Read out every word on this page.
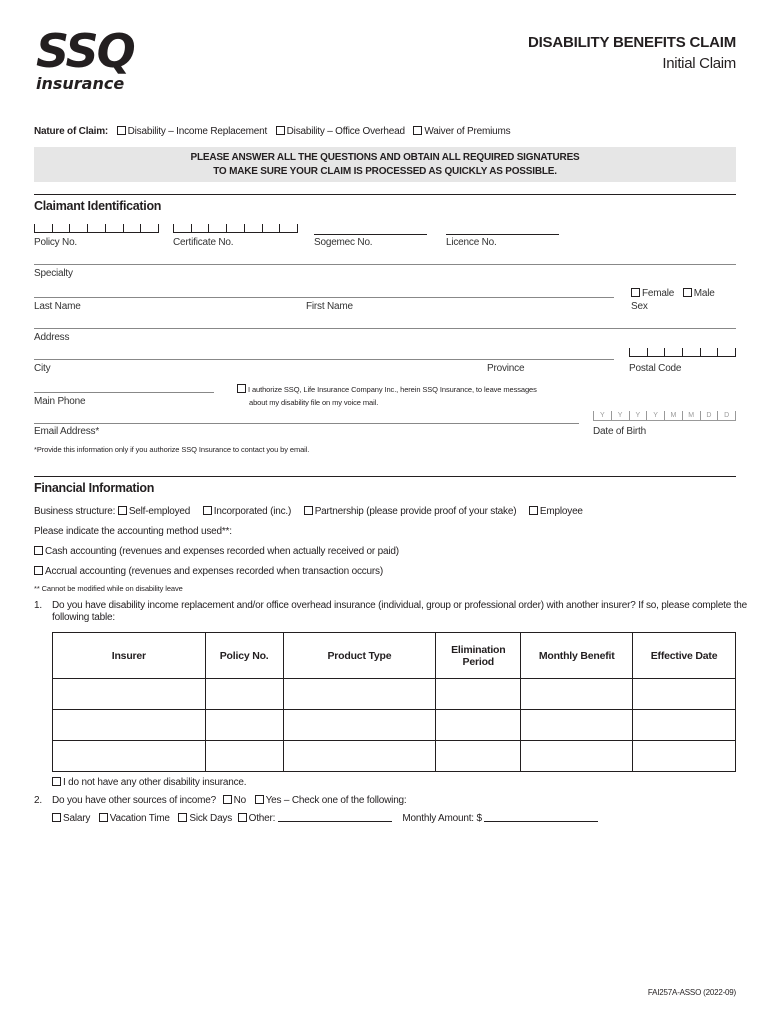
SSQ
insurance
DISABILITY BENEFITS CLAIM
Initial Claim
Nature of Claim: Disability – Income Replacement Disability – Office Overhead Waiver of Premiums
PLEASE ANSWER ALL THE QUESTIONS AND OBTAIN ALL REQUIRED SIGNATURES
TO MAKE SURE YOUR CLAIM IS PROCESSED AS QUICKLY AS POSSIBLE.
Claimant Identification
Policy No.	Certificate No.	Sogemec No.	Licence No.
Specialty
Last Name	First Name
Female Male
Sex
Address
City	Province	Postal Code
Main Phone
I authorize SSQ, Life Insurance Company Inc., herein SSQ Insurance, to leave messages
about my disability file on my voice mail.
Email Address*
Y	Y	Y	Y	M	M	D	D
Date of Birth
*Provide this information only if you authorize SSQ Insurance to contact you by email.
Financial Information
Business structure: Self-employed Incorporated (inc.) Partnership (please provide proof of your stake) Employee
Please indicate the accounting method used**:
Cash accounting (revenues and expenses recorded when actually received or paid)
Accrual accounting (revenues and expenses recorded when transaction occurs)
** Cannot be modified while on disability leave
1. Do you have disability income replacement and/or office overhead insurance (individual, group or professional order) with another insurer? If so, please complete the
following table:
Insurer	Policy No.	Product Type	Elimination Period	Monthly Benefit	Effective Date

I do not have any other disability insurance.
2. Do you have other sources of income? No Yes – Check one of the following:
Salary Vacation Time Sick Days Other:	Monthly Amount: $
FAI257A-ASSO (2022-09)
